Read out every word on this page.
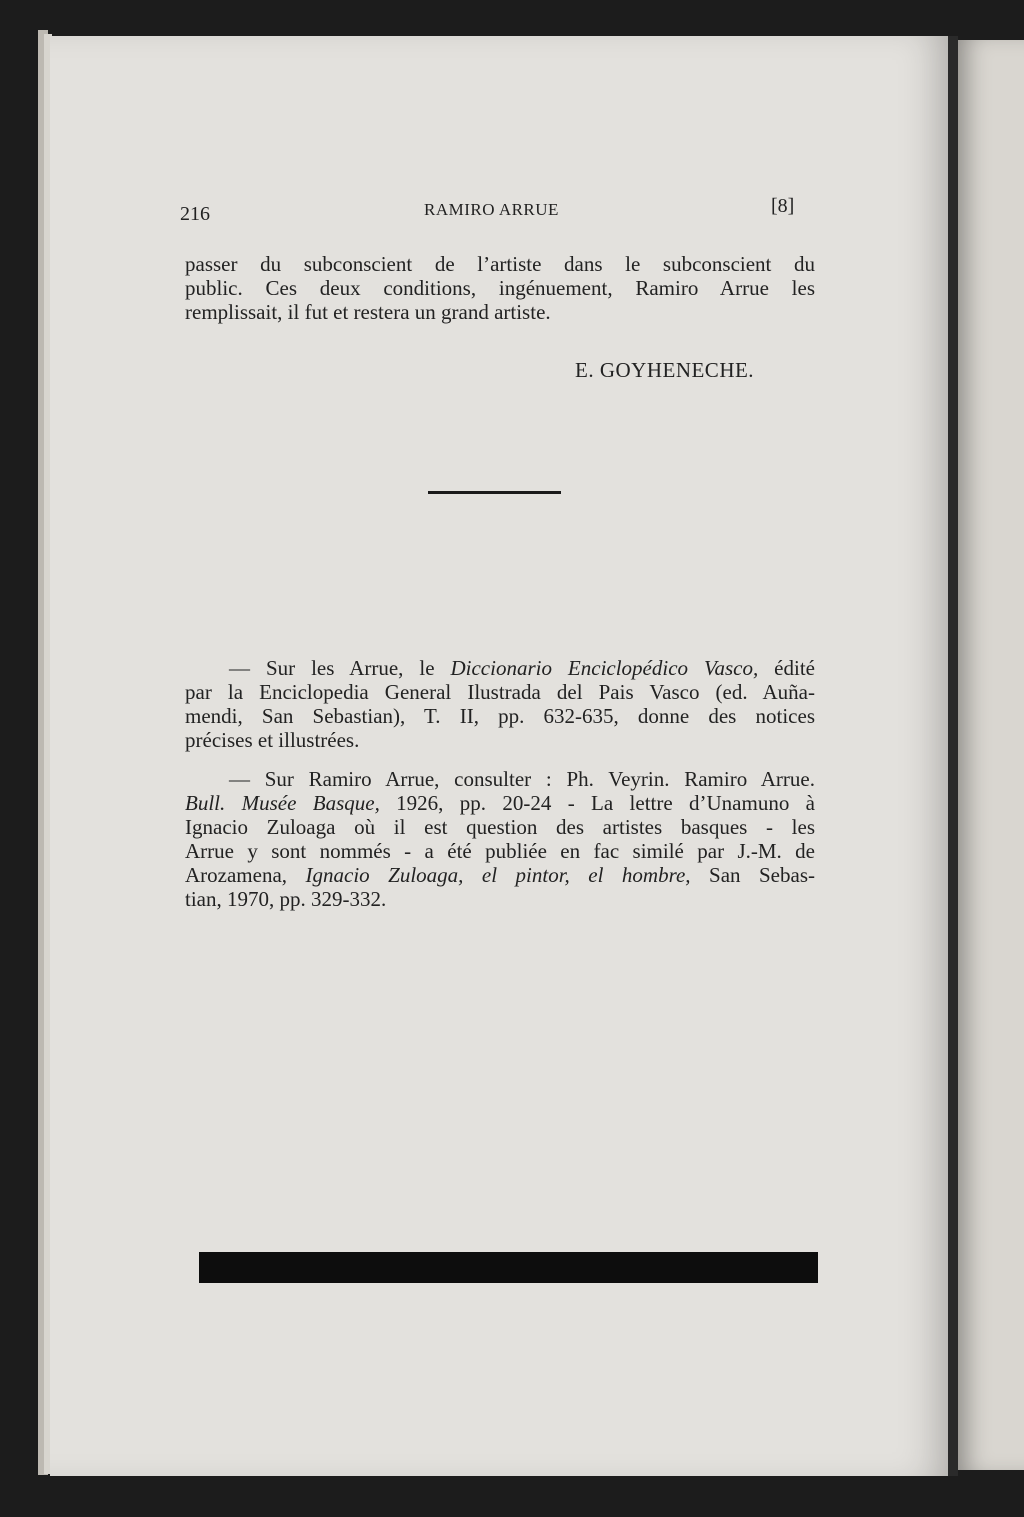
216	RAMIRO ARRUE	[8]
passer du subconscient de l’artiste dans le subconscient du
public. Ces deux conditions, ingénuement, Ramiro Arrue les
remplissait, il fut et restera un grand artiste.
E. GOYHENECHE.
— Sur les Arrue, le Diccionario Enciclopédico Vasco, édité
par la Enciclopedia General Ilustrada del Pais Vasco (ed. Auña-
mendi, San Sebastian), T. II, pp. 632-635, donne des notices
précises et illustrées.
— Sur Ramiro Arrue, consulter : Ph. Veyrin. Ramiro Arrue.
Bull. Musée Basque, 1926, pp. 20-24 - La lettre d’Unamuno à
Ignacio Zuloaga où il est question des artistes basques - les
Arrue y sont nommés - a été publiée en fac similé par J.-M. de
Arozamena, Ignacio Zuloaga, el pintor, el hombre, San Sebas-
tian, 1970, pp. 329-332.
